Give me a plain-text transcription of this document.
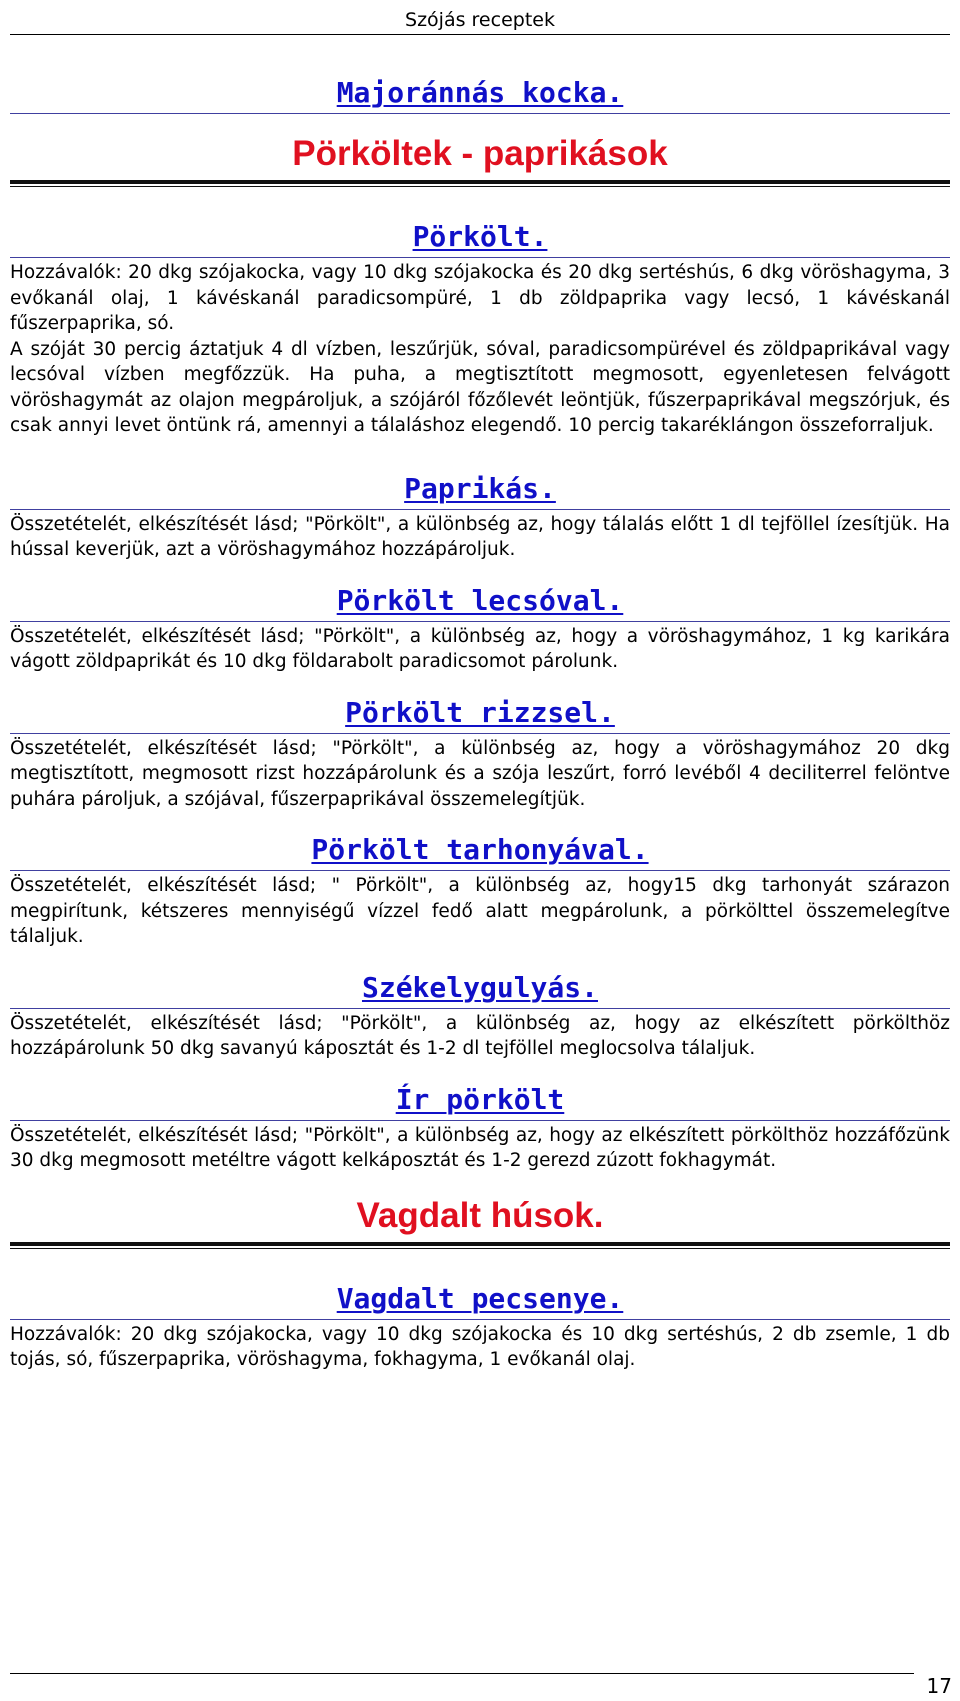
Szójás receptek
Majoránnás kocka.
Pörköltek - paprikások
Pörkölt.

Hozzávalók: 20 dkg szójakocka, vagy 10 dkg szójakocka és 20 dkg sertéshús, 6 dkg vöröshagyma, 3 evőkanál olaj, 1 kávéskanál paradicsompüré, 1 db zöldpaprika vagy lecsó, 1 kávéskanál fűszerpaprika, só.

A szóját 30 percig áztatjuk 4 dl vízben, leszűrjük, sóval, paradicsompürével és zöldpaprikával vagy lecsóval vízben megfőzzük. Ha puha, a megtisztított megmosott, egyenletesen felvágott vöröshagymát az olajon megpároljuk, a szójáról főzőlevét leöntjük, fűszerpaprikával megszórjuk, és csak annyi levet öntünk rá, amennyi a tálaláshoz elegendő. 10 percig takaréklángon összeforraljuk.

Paprikás.

Összetételét, elkészítését lásd; "Pörkölt", a különbség az, hogy tálalás előtt 1 dl tejföllel ízesítjük. Ha hússal keverjük, azt a vöröshagymához hozzápároljuk.

Pörkölt lecsóval.

Összetételét, elkészítését lásd; "Pörkölt", a különbség az, hogy a vöröshagymához, 1 kg karikára vágott zöldpaprikát és 10 dkg földarabolt paradicsomot párolunk.

Pörkölt rizzsel.

Összetételét, elkészítését lásd; "Pörkölt", a különbség az, hogy a vöröshagymához 20 dkg megtisztított, megmosott rizst hozzápárolunk és a szója leszűrt, forró levéből 4 deciliterrel felöntve puhára pároljuk, a szójával, fűszerpaprikával összemelegítjük.

Pörkölt tarhonyával.

Összetételét, elkészítését lásd; " Pörkölt", a különbség az, hogy15 dkg tarhonyát szárazon megpirítunk, kétszeres mennyiségű vízzel fedő alatt megpárolunk, a pörkölttel összemelegítve tálaljuk.

Székelygulyás.

Összetételét, elkészítését lásd; "Pörkölt", a különbség az, hogy az elkészített pörkölthöz hozzápárolunk 50 dkg savanyú káposztát és 1-2 dl tejföllel meglocsolva tálaljuk.

Ír pörkölt

Összetételét, elkészítését lásd; "Pörkölt", a különbség az, hogy az elkészített pörkölthöz hozzáfőzünk 30 dkg megmosott metéltre vágott kelkáposztát és 1-2 gerezd zúzott fokhagymát.

Vagdalt húsok.
Vagdalt pecsenye.

Hozzávalók: 20 dkg szójakocka, vagy 10 dkg szójakocka és 10 dkg sertéshús, 2 db zsemle, 1 db tojás, só, fűszerpaprika, vöröshagyma, fokhagyma, 1 evőkanál olaj.

17
